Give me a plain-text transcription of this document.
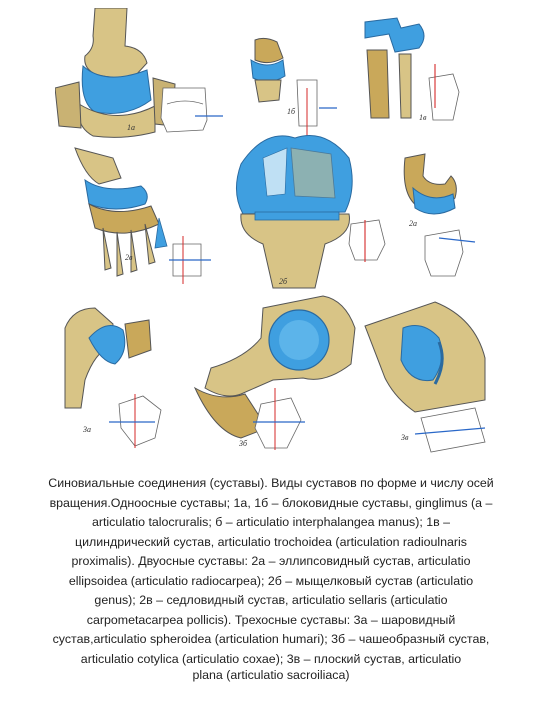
1а
1б
1в
2в
2б
2а
3а
3б
3в
Синовиальные соединения (суставы). Виды суставов по форме и числу осей вращения.Одноосные суставы; 1а, 1б – блоковидные суставы, ginglimus (а – articulatio talocruralis; б – articulatio interphalangea manus); 1в – цилиндрический сустав, articulatio trochoidea (articulation radioulnaris proximalis). Двуосные суставы: 2а – эллипсовидный сустав, articulatio ellipsoidea (articulatio radiocarpea); 2б – мыщелковый сустав (articulatio genus); 2в – седловидный сустав, articulatio sellaris (articulatio carpometacarpea pollicis). Трехосные суставы: 3а – шаровидный сустав,articulatio spheroidea (articulation humari); 3б – чашеобразный сустав, articulatio cotylica (articulatio coxae); 3в – плоский сустав, articulatio
plana (articulatio sacroiliaca)
